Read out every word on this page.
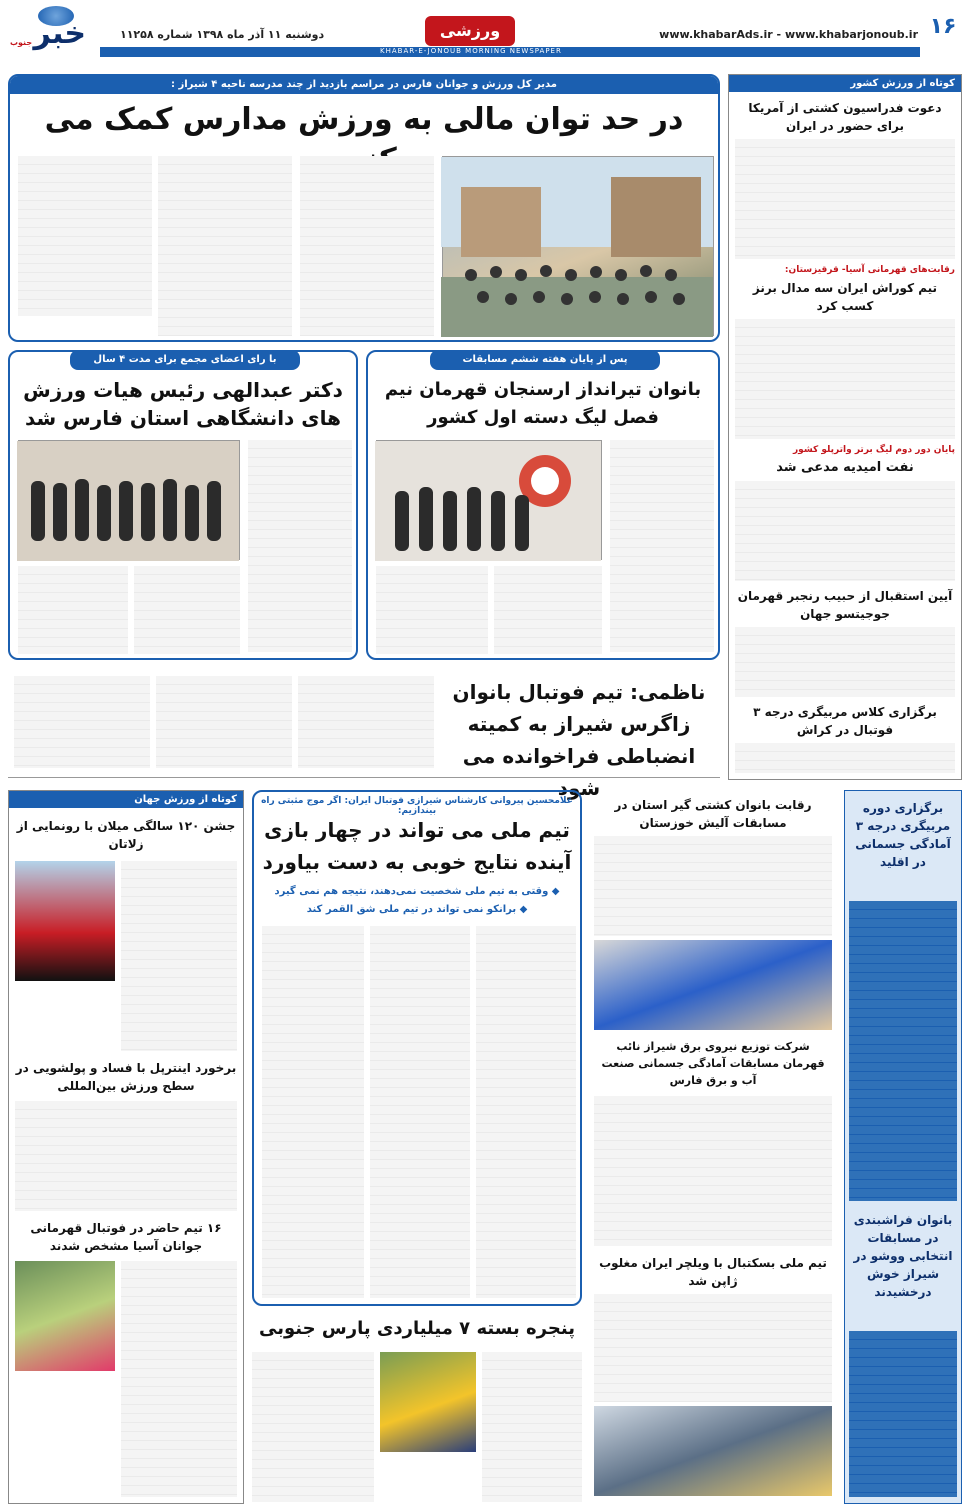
۱۶
www.khabarAds.ir - www.khabarjonoub.ir
ورزشی
دوشنبه ۱۱ آذر ماه ۱۳۹۸ شماره ۱۱۲۵۸
خبر
جنوب
KHABAR-E-JONOUB MORNING NEWSPAPER
مدیر کل ورزش و جوانان فارس در مراسم بازدید از چند مدرسه ناحیه ۴ شیراز :
در حد توان مالی به ورزش مدارس کمک می
با رای اعضای مجمع برای مدت ۴ سال
دکتر عبدالهی رئیس هیات ورزش های دانشگاهی استان فارس شد
پس از پایان هفته ششم مسابقات
بانوان تیرانداز ارسنجان قهرمان نیم فصل لیگ دسته اول کشور
ناظمی: تیم فوتبال بانوان زاگرس شیراز به کمیته انضباطی فراخوانده می شود
کوتاه از ورزش کشور
دعوت فدراسیون کشتی از آمریکا برای حضور در ایران
رقابت‌های قهرمانی آسیا- قرقیزستان:
تیم کوراش ایران سه مدال برنز کسب کرد
پایان دور دوم لیگ برتر واترپلو کشور
نفت امیدیه مدعی شد
آیین استقبال از حبیب رنجبر قهرمان جوجیتسو جهان
برگزاری کلاس مربیگری درجه ۳ فوتبال در کراش
کوتاه از ورزش جهان
جشن ۱۲۰ سالگی میلان با رونمایی از زلاتان
برخورد اینترپل با فساد و پولشویی در سطح ورزش بین‌المللی
۱۶ تیم حاضر در فوتبال قهرمانی جوانان آسیا مشخص شدند
غلامحسین پیروانی کارشناس شیرازی فوتبال ایران: اگر موج مثبتی راه بیندازیم:
تیم ملی می تواند در چهار بازی آینده نتایج خوبی به دست بیاورد
◆ وقتی به تیم ملی شخصیت نمی‌دهند، نتیجه هم نمی گیرد
◆ برانکو نمی تواند در تیم ملی شق القمر کند
پنجره بسته ۷ میلیاردی پارس جنوبی
رقابت بانوان کشتی گیر استان در مسابقات آلیش خوزستان
شرکت توزیع نیروی برق شیراز نائب قهرمان مسابقات آمادگی جسمانی صنعت آب و برق فارس
تیم ملی بسکتبال با ویلچر ایران مغلوب ژاپن شد
برگزاری دوره مربیگری درجه ۳ آمادگی جسمانی در اقلید
بانوان فراشبندی در مسابقات انتخابی ووشو در شیراز خوش درخشیدند
